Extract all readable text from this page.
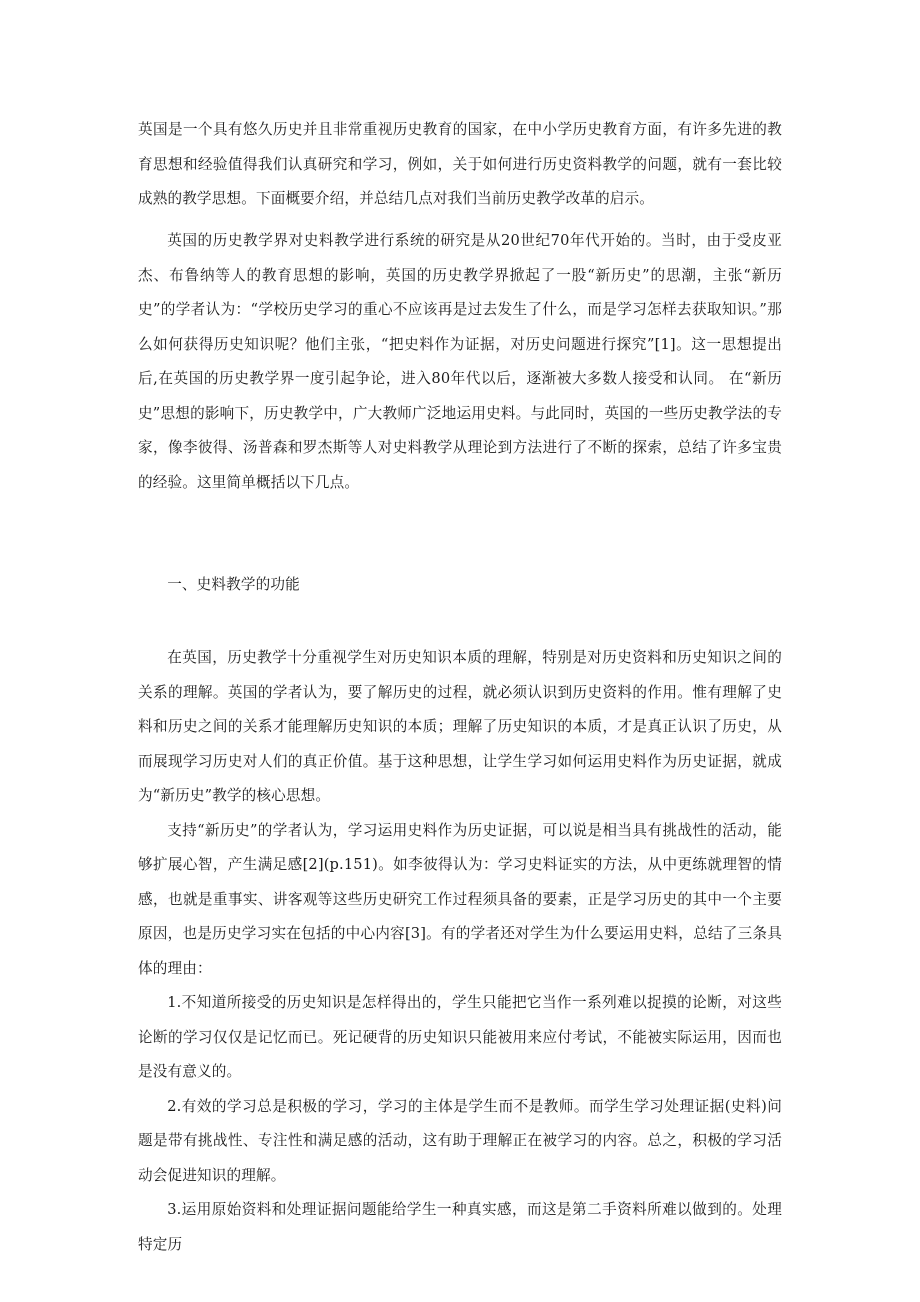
英国是一个具有悠久历史并且非常重视历史教育的国家，在中小学历史教育方面，有许多先进的教育思想和经验值得我们认真研究和学习，例如，关于如何进行历史资料教学的问题，就有一套比较成熟的教学思想。下面概要介绍，并总结几点对我们当前历史教学改革的启示。

英国的历史教学界对史料教学进行系统的研究是从20世纪70年代开始的。当时，由于受皮亚杰、布鲁纳等人的教育思想的影响，英国的历史教学界掀起了一股“新历史”的思潮，主张“新历史”的学者认为：“学校历史学习的重心不应该再是过去发生了什么，而是学习怎样去获取知识。”那么如何获得历史知识呢？他们主张，“把史料作为证据，对历史问题进行探究”[1]。这一思想提出后,在英国的历史教学界一度引起争论，进入80年代以后，逐渐被大多数人接受和认同。 在“新历史”思想的影响下，历史教学中，广大教师广泛地运用史料。与此同时，英国的一些历史教学法的专家，像李彼得、汤普森和罗杰斯等人对史料教学从理论到方法进行了不断的探索，总结了许多宝贵的经验。这里简单概括以下几点。

一、史料教学的功能

在英国，历史教学十分重视学生对历史知识本质的理解，特别是对历史资料和历史知识之间的关系的理解。英国的学者认为，要了解历史的过程，就必须认识到历史资料的作用。惟有理解了史料和历史之间的关系才能理解历史知识的本质；理解了历史知识的本质，才是真正认识了历史，从而展现学习历史对人们的真正价值。基于这种思想，让学生学习如何运用史料作为历史证据，就成为“新历史”教学的核心思想。

支持“新历史”的学者认为，学习运用史料作为历史证据，可以说是相当具有挑战性的活动，能够扩展心智，产生满足感[2](p.151)。如李彼得认为：学习史料证实的方法，从中更练就理智的情感，也就是重事实、讲客观等这些历史研究工作过程须具备的要素，正是学习历史的其中一个主要原因，也是历史学习实在包括的中心内容[3]。有的学者还对学生为什么要运用史料，总结了三条具体的理由：

1.不知道所接受的历史知识是怎样得出的，学生只能把它当作一系列难以捉摸的论断，对这些论断的学习仅仅是记忆而已。死记硬背的历史知识只能被用来应付考试，不能被实际运用，因而也是没有意义的。

2.有效的学习总是积极的学习，学习的主体是学生而不是教师。而学生学习处理证据(史料)问题是带有挑战性、专注性和满足感的活动，这有助于理解正在被学习的内容。总之，积极的学习活动会促进知识的理解。

3.运用原始资料和处理证据问题能给学生一种真实感，而这是第二手资料所难以做到的。处理特定历
